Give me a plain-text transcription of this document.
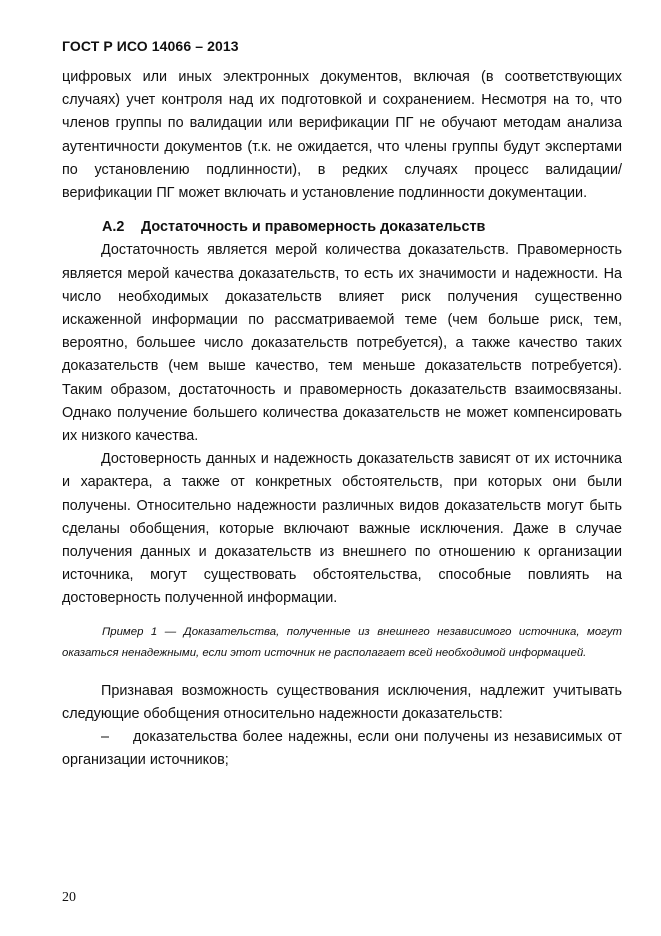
ГОСТ Р ИСО 14066 – 2013

цифровых или иных электронных документов, включая (в соответствующих случаях) учет контроля над их подготовкой и сохранением. Несмотря на то, что членов группы по валидации или верификации ПГ не обучают методам анализа аутентичности документов (т.к. не ожидается, что члены группы будут экспертами по установлению подлинности), в редких случаях процесс валидации/верификации ПГ может включать и установление подлинности документации.

А.2 Достаточность и правомерность доказательств

Достаточность является мерой количества доказательств. Правомерность является мерой качества доказательств, то есть их значимости и надежности. На число необходимых доказательств влияет риск получения существенно искаженной информации по рассматриваемой теме (чем больше риск, тем, вероятно, большее число доказательств потребуется), а также качество таких доказательств (чем выше качество, тем меньше доказательств потребуется). Таким образом, достаточность и правомерность доказательств взаимосвязаны. Однако получение большего количества доказательств не может компенсировать их низкого качества.

Достоверность данных и надежность доказательств зависят от их источника и характера, а также от конкретных обстоятельств, при которых они были получены. Относительно надежности различных видов доказательств могут быть сделаны обобщения, которые включают важные исключения. Даже в случае получения данных и доказательств из внешнего по отношению к организации источника, могут существовать обстоятельства, способные повлиять на достоверность полученной информации.

Пример 1 — Доказательства, полученные из внешнего независимого источника, могут оказаться ненадежными, если этот источник не располагает всей необходимой информацией.

Признавая возможность существования исключения, надлежит учитывать следующие обобщения относительно надежности доказательств:

– доказательства более надежны, если они получены из независимых от организации источников;

20
